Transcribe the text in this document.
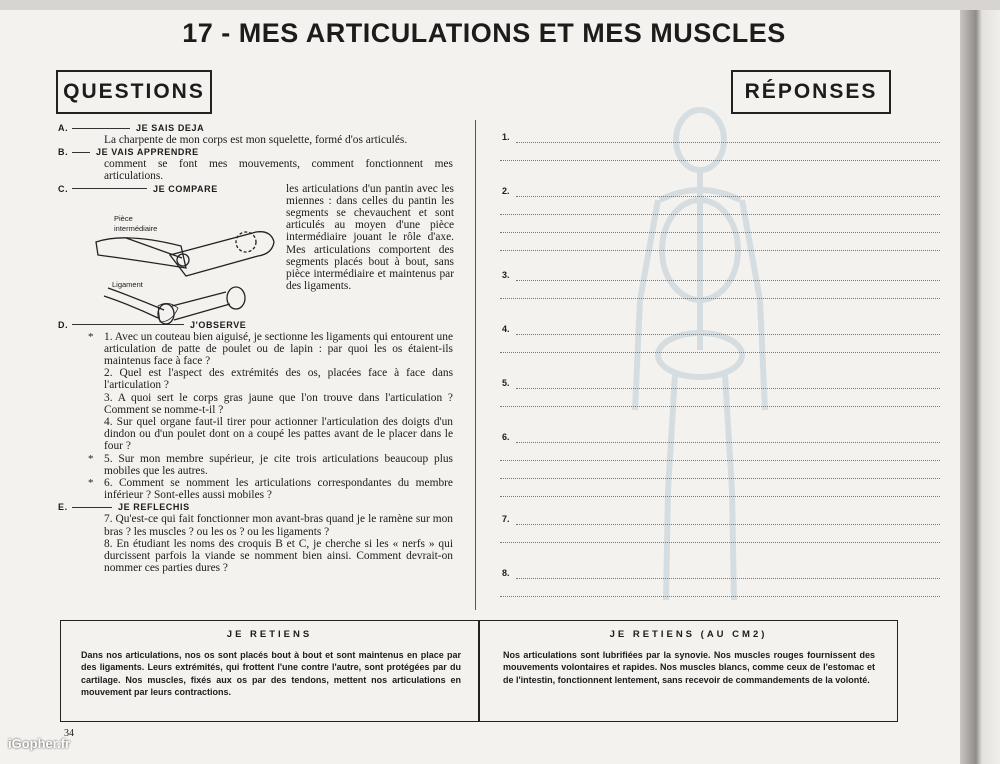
17 - MES ARTICULATIONS ET MES MUSCLES
QUESTIONS	RÉPONSES
A.	JE SAIS DEJA
La charpente de mon corps est mon squelette, formé d'os articulés.
B.	JE VAIS APPRENDRE
comment se font mes mouvements, comment fonctionnent mes articulations.
C.	JE COMPARE	les articulations d'un pantin avec les miennes : dans celles du pantin les segments se chevauchent et sont articulés au moyen d'une pièce intermédiaire jouant le rôle d'axe. Mes articulations comportent des segments placés bout à bout, sans pièce intermédiaire et maintenus par des ligaments.
D.	J'OBSERVE
* 1. Avec un couteau bien aiguisé, je sectionne les ligaments qui entourent une articulation de patte de poulet ou de lapin : par quoi les os étaient-ils maintenus face à face ?
2. Quel est l'aspect des extrémités des os, placées face à face dans l'articulation ?
3. A quoi sert le corps gras jaune que l'on trouve dans l'articulation ? Comment se nomme-t-il ?
4. Sur quel organe faut-il tirer pour actionner l'articulation des doigts d'un dindon ou d'un poulet dont on a coupé les pattes avant de le placer dans le four ?
* 5. Sur mon membre supérieur, je cite trois articulations beaucoup plus mobiles que les autres.
* 6. Comment se nomment les articulations correspondantes du membre inférieur ? Sont-elles aussi mobiles ?
E.	JE REFLECHIS
7. Qu'est-ce qui fait fonctionner mon avant-bras quand je le ramène sur mon bras ? les muscles ? ou les os ? ou les ligaments ?
8. En étudiant les noms des croquis B et C, je cherche si les « nerfs » qui durcissent parfois la viande se nomment bien ainsi. Comment devrait-on nommer ces parties dures ?
Pièce
intermédiaire
Ligament
1.
2.
3.
4.
5.
6.
7.
8.
JE RETIENS
Dans nos articulations, nos os sont placés bout à bout et sont maintenus en place par des ligaments. Leurs extrémités, qui frottent l'une contre l'autre, sont protégées par du cartilage. Nos muscles, fixés aux os par des tendons, mettent nos articulations en mouvement par leurs contractions.
JE RETIENS (AU CM2)
Nos articulations sont lubrifiées par la synovie. Nos muscles rouges fournissent des mouvements volontaires et rapides. Nos muscles blancs, comme ceux de l'estomac et de l'intestin, fonctionnent lentement, sans recevoir de commandements de la volonté.
34
iGopher.fr
